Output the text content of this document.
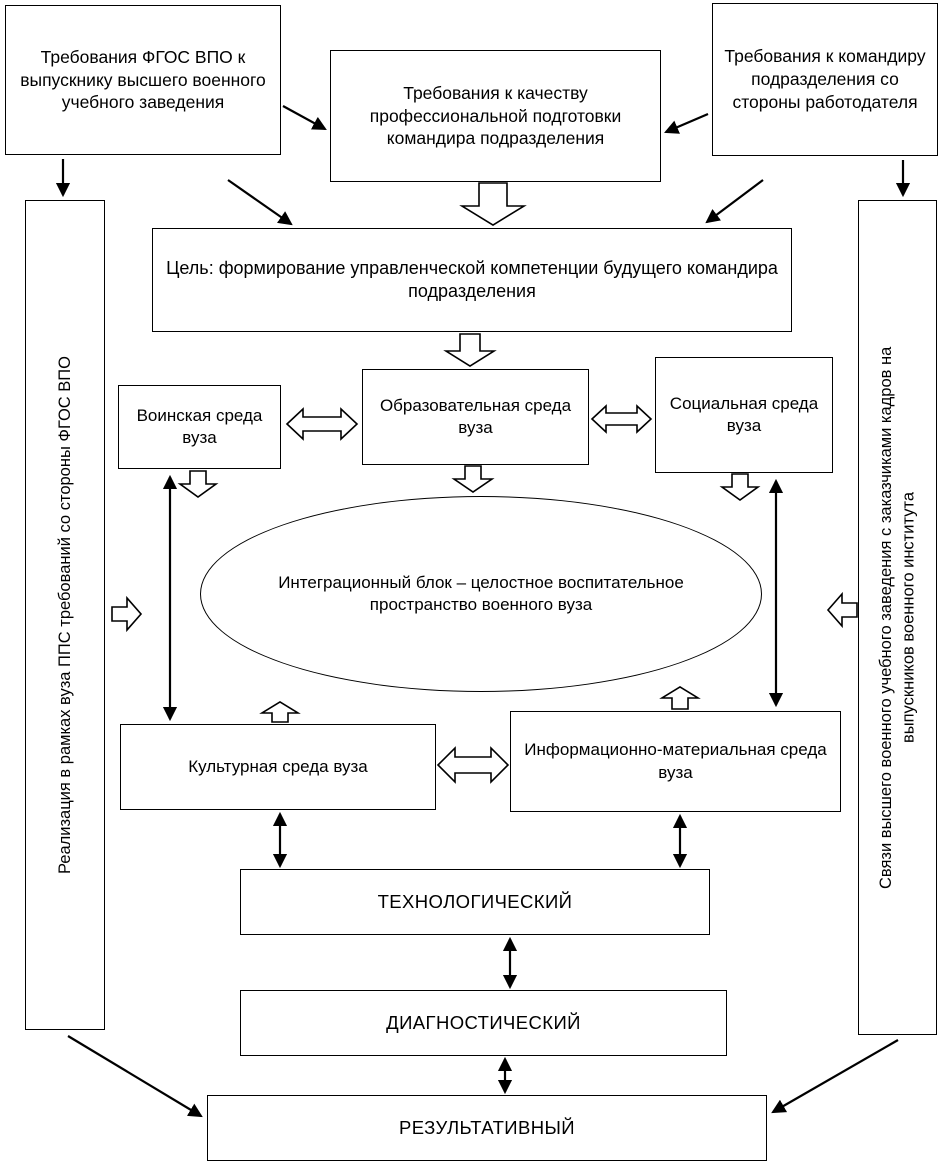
Требования ФГОС ВПО к выпускнику высшего военного учебного заведения	Требования к качеству профессиональной подготовки командира подразделения
Требования к командиру подразделения со стороны работодателя
Цель: формирование управленческой компетенции будущего командира подразделения
Воинская среда вуза
Образовательная среда вуза
Социальная среда вуза
Интеграционный блок – целостное воспитательное пространство военного вуза
Культурная среда вуза
Информационно-материальная среда вуза
ТЕХНОЛОГИЧЕСКИЙ
ДИАГНОСТИЧЕСКИЙ
РЕЗУЛЬТАТИВНЫЙ
Реализация в рамках вуза ППС требований со стороны ФГОС ВПО	Связи высшего военного учебного заведения с заказчиками кадров на выпускников военного института
